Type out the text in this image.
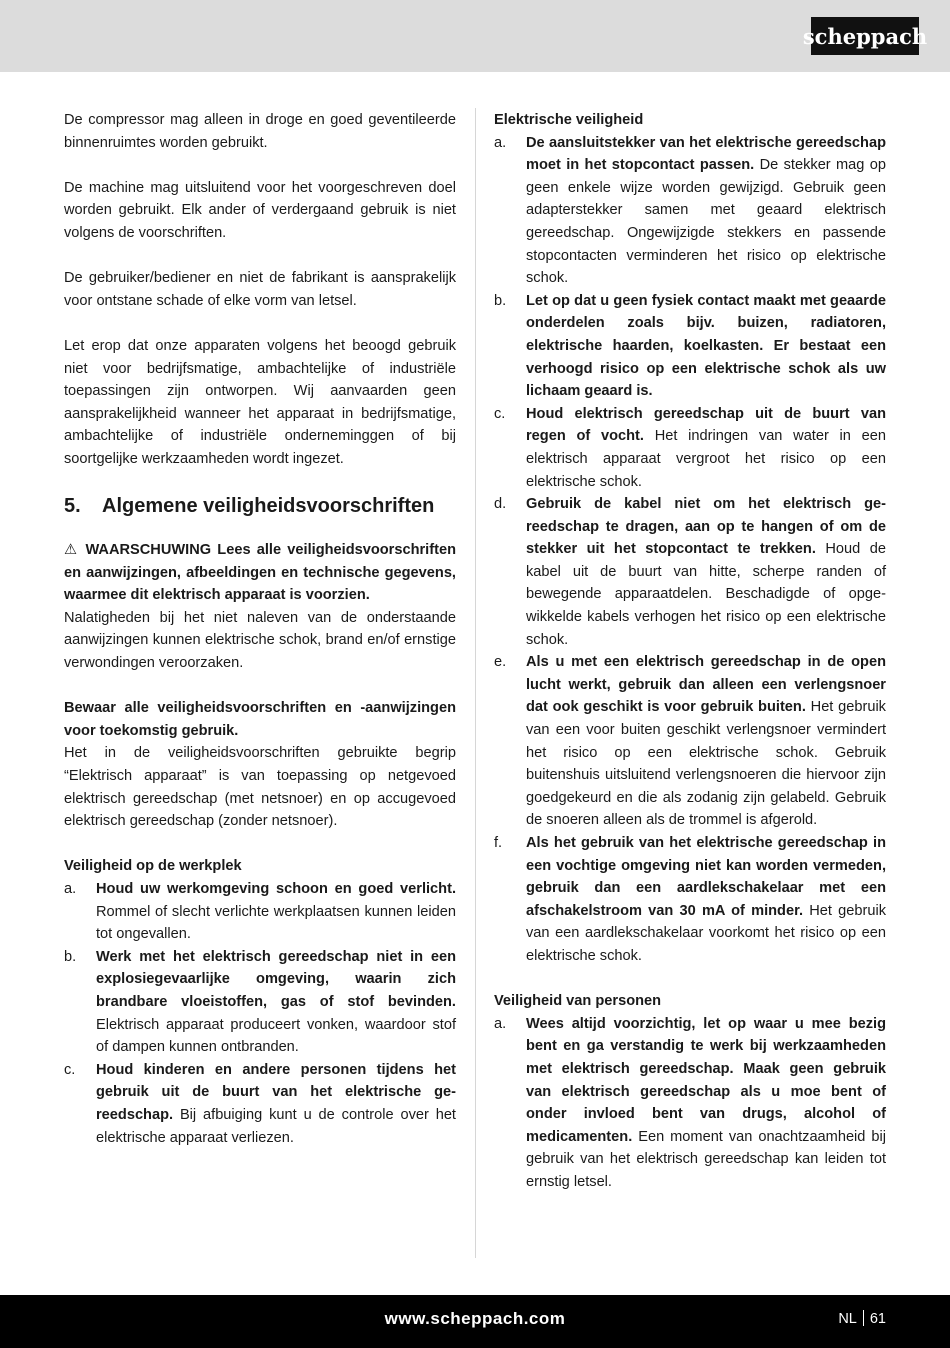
scheppach

De compressor mag alleen in droge en goed geventileerde binnenruimtes worden gebruikt.

De machine mag uitsluitend voor het voorgeschreven doel worden gebruikt. Elk ander of verdergaand gebruik is niet volgens de voorschriften.

De gebruiker/bediener en niet de fabrikant is aansprakelijk voor ontstane schade of elke vorm van letsel.

Let erop dat onze apparaten volgens het beoogd gebruik niet voor bedrijfsmatige, ambachtelijke of industriële toepassingen zijn ontworpen. Wij aanvaarden geen aansprakelijkheid wanneer het apparaat in bedrijfsmatige, ambachtelijke of industriële onderneminggen of bij soortgelijke werkzaamheden wordt ingezet.

5.	Algemene veiligheidsvoorschriften

⚠ WAARSCHUWING Lees alle veiligheidsvoorschriften en aanwijzingen, afbeeldingen en technische gegevens, waarmee dit elektrisch apparaat is voorzien.

Nalatigheden bij het niet naleven van de onderstaande aanwijzingen kunnen elektrische schok, brand en/of ernstige verwondingen veroorzaken.

Bewaar alle veiligheidsvoorschriften en -aanwijzingen voor toekomstig gebruik.

Het in de veiligheidsvoorschriften gebruikte begrip “Elektrisch apparaat” is van toepassing op netgevoed elektrisch gereedschap (met netsnoer) en op accugevoed elektrisch gereedschap (zonder netsnoer).

Veiligheid op de werkplek

a.	Houd uw werkomgeving schoon en goed verlicht. Rommel of slecht verlichte werkplaatsen kunnen leiden tot ongevallen.
b.	Werk met het elektrisch gereedschap niet in een explosiegevaarlijke omgeving, waarin zich brandbare vloeistoffen, gas of stof bevinden. Elektrisch apparaat produceert vonken, waardoor stof of dampen kunnen ontbranden.
c.	Houd kinderen en andere personen tijdens het gebruik uit de buurt van het elektrische gereedschap. Bij afbuiging kunt u de controle over het elektrische apparaat verliezen.

Elektrische veiligheid

a.	De aansluitstekker van het elektrische gereedschap moet in het stopcontact passen. De stekker mag op geen enkele wijze worden gewijzigd. Gebruik geen adapterstekker samen met geaard elektrisch gereedschap. Ongewijzigde stekkers en passende stopcontacten verminderen het risico op elektrische schok.
b.	Let op dat u geen fysiek contact maakt met geaarde onderdelen zoals bijv. buizen, radiatoren, elektrische haarden, koelkasten. Er bestaat een verhoogd risico op een elektrische schok als uw lichaam geaard is.
c.	Houd elektrisch gereedschap uit de buurt van regen of vocht. Het indringen van water in een elektrisch apparaat vergroot het risico op een elektrische schok.
d.	Gebruik de kabel niet om het elektrisch gereedschap te dragen, aan op te hangen of om de stekker uit het stopcontact te trekken. Houd de kabel uit de buurt van hitte, scherpe randen of bewegende apparaatdelen. Beschadigde of opgewikkelde kabels verhogen het risico op een elektrische schok.
e.	Als u met een elektrisch gereedschap in de open lucht werkt, gebruik dan alleen een verlengsnoer dat ook geschikt is voor gebruik buiten. Het gebruik van een voor buiten geschikt verlengsnoer vermindert het risico op een elektrische schok. Gebruik buitenshuis uitsluitend verlengsnoeren die hiervoor zijn goedgekeurd en die als zodanig zijn gelabeld. Gebruik de snoeren alleen als de trommel is afgerold.
f.	Als het gebruik van het elektrische gereedschap in een vochtige omgeving niet kan worden vermeden, gebruik dan een aardlekschakelaar met een afschakelstroom van 30 mA of minder. Het gebruik van een aardlekschakelaar voorkomt het risico op een elektrische schok.

Veiligheid van personen

a.	Wees altijd voorzichtig, let op waar u mee bezig bent en ga verstandig te werk bij werkzaamheden met elektrisch gereedschap. Maak geen gebruik van elektrisch gereedschap als u moe bent of onder invloed bent van drugs, alcohol of medicamenten. Een moment van onachtzaamheid bij gebruik van het elektrisch gereedschap kan leiden tot ernstig letsel.
www.scheppach.com	NL 61
